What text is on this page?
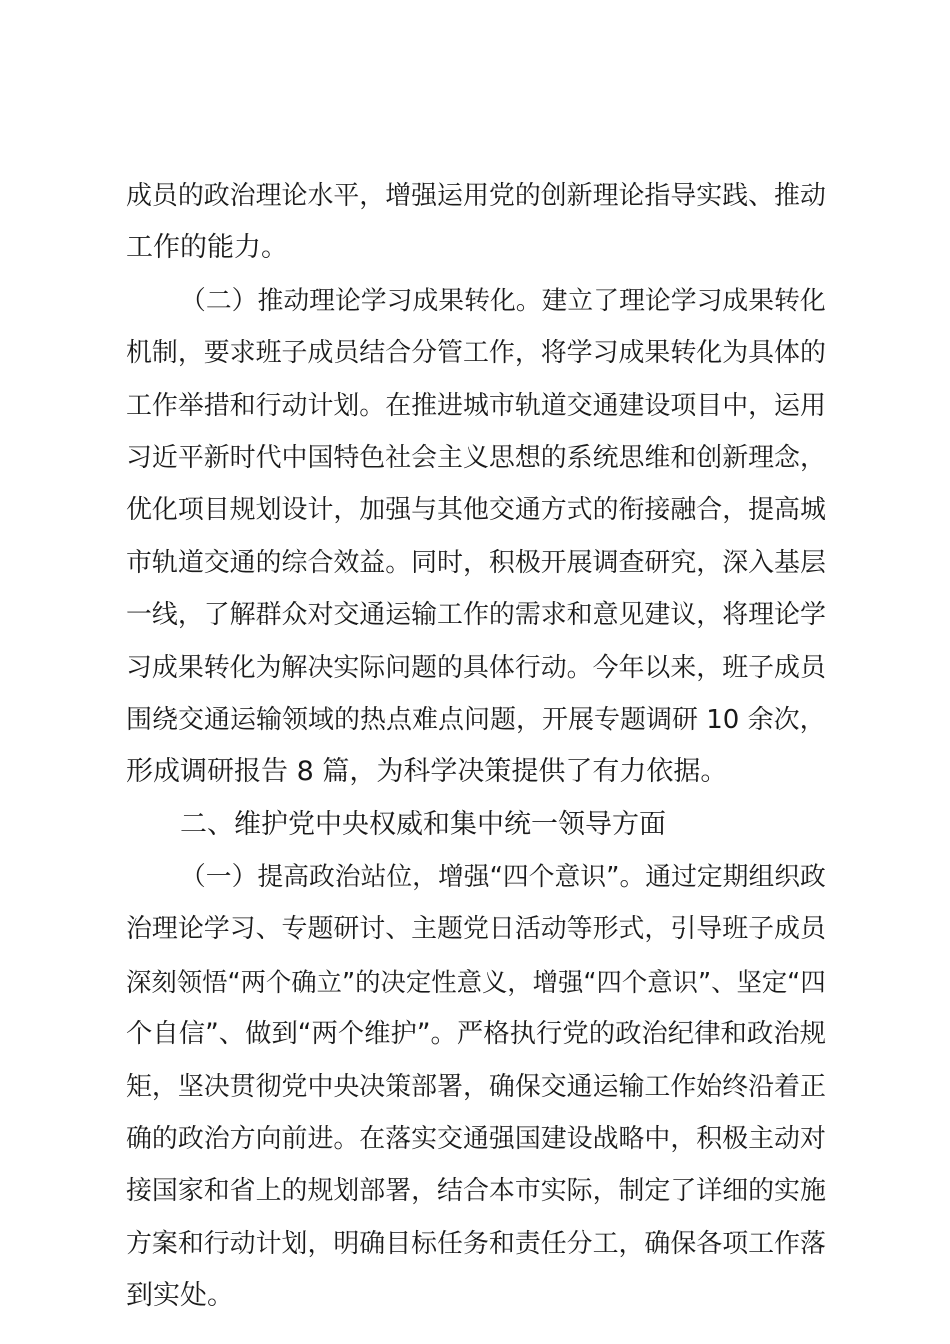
成员的政治理论水平，增强运用党的创新理论指导实践、推动
工作的能力。
（二）推动理论学习成果转化。建立了理论学习成果转化
机制，要求班子成员结合分管工作，将学习成果转化为具体的
工作举措和行动计划。在推进城市轨道交通建设项目中，运用
习近平新时代中国特色社会主义思想的系统思维和创新理念，
优化项目规划设计，加强与其他交通方式的衔接融合，提高城
市轨道交通的综合效益。同时，积极开展调查研究，深入基层
一线，了解群众对交通运输工作的需求和意见建议，将理论学
习成果转化为解决实际问题的具体行动。今年以来，班子成员
围绕交通运输领域的热点难点问题，开展专题调研 10 余次，
形成调研报告 8 篇，为科学决策提供了有力依据。
二、维护党中央权威和集中统一领导方面
（一）提高政治站位，增强“四个意识”。通过定期组织政
治理论学习、专题研讨、主题党日活动等形式，引导班子成员
深刻领悟“两个确立”的决定性意义，增强“四个意识”、坚定“四
个自信”、做到“两个维护”。严格执行党的政治纪律和政治规
矩，坚决贯彻党中央决策部署，确保交通运输工作始终沿着正
确的政治方向前进。在落实交通强国建设战略中，积极主动对
接国家和省上的规划部署，结合本市实际，制定了详细的实施
方案和行动计划，明确目标任务和责任分工，确保各项工作落
到实处。
